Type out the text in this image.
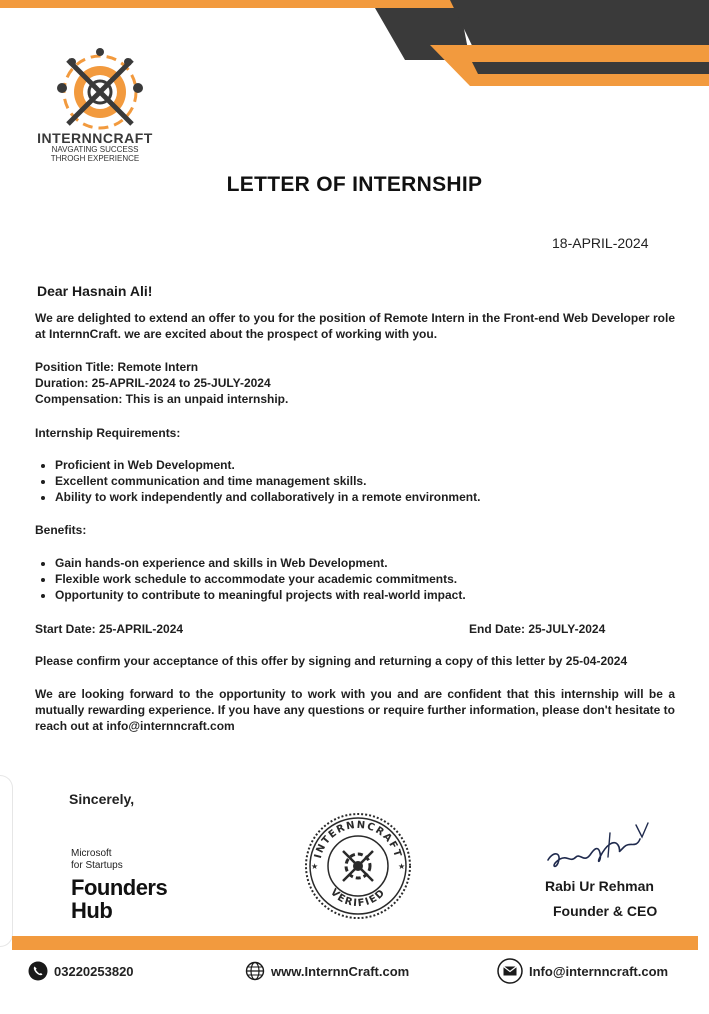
INTERNNCRAFT
NAVGATING SUCCESS
THROGH EXPERIENCE
LETTER OF INTERNSHIP
18-APRIL-2024
Dear Hasnain Ali!
We are delighted to extend an offer to you for the position of Remote Intern in the Front-end Web Developer role at InternnCraft. we are excited about the prospect of working with you.
Position Title: Remote Intern
Duration: 25-APRIL-2024 to 25-JULY-2024
Compensation: This is an unpaid internship.
Internship Requirements:
• Proficient in Web Development.
• Excellent communication and time management skills.
• Ability to work independently and collaboratively in a remote environment.
Benefits:
• Gain hands-on experience and skills in Web Development.
• Flexible work schedule to accommodate your academic commitments.
• Opportunity to contribute to meaningful projects with real-world impact.
Start Date: 25-APRIL-2024	End Date: 25-JULY-2024
Please confirm your acceptance of this offer by signing and returning a copy of this letter by 25-04-2024
We are looking forward to the opportunity to work with you and are confident that this internship will be a mutually rewarding experience. If you have any questions or require further information, please don't hesitate to reach out at info@internncraft.com
Sincerely,
Microsoft
for Startups
Founders
Hub
INTERNNCRAFT
VERIFIED
★	★
Rabi Ur Rehman
Founder & CEO
03220253820	www.InternnCraft.com	Info@internncraft.com
